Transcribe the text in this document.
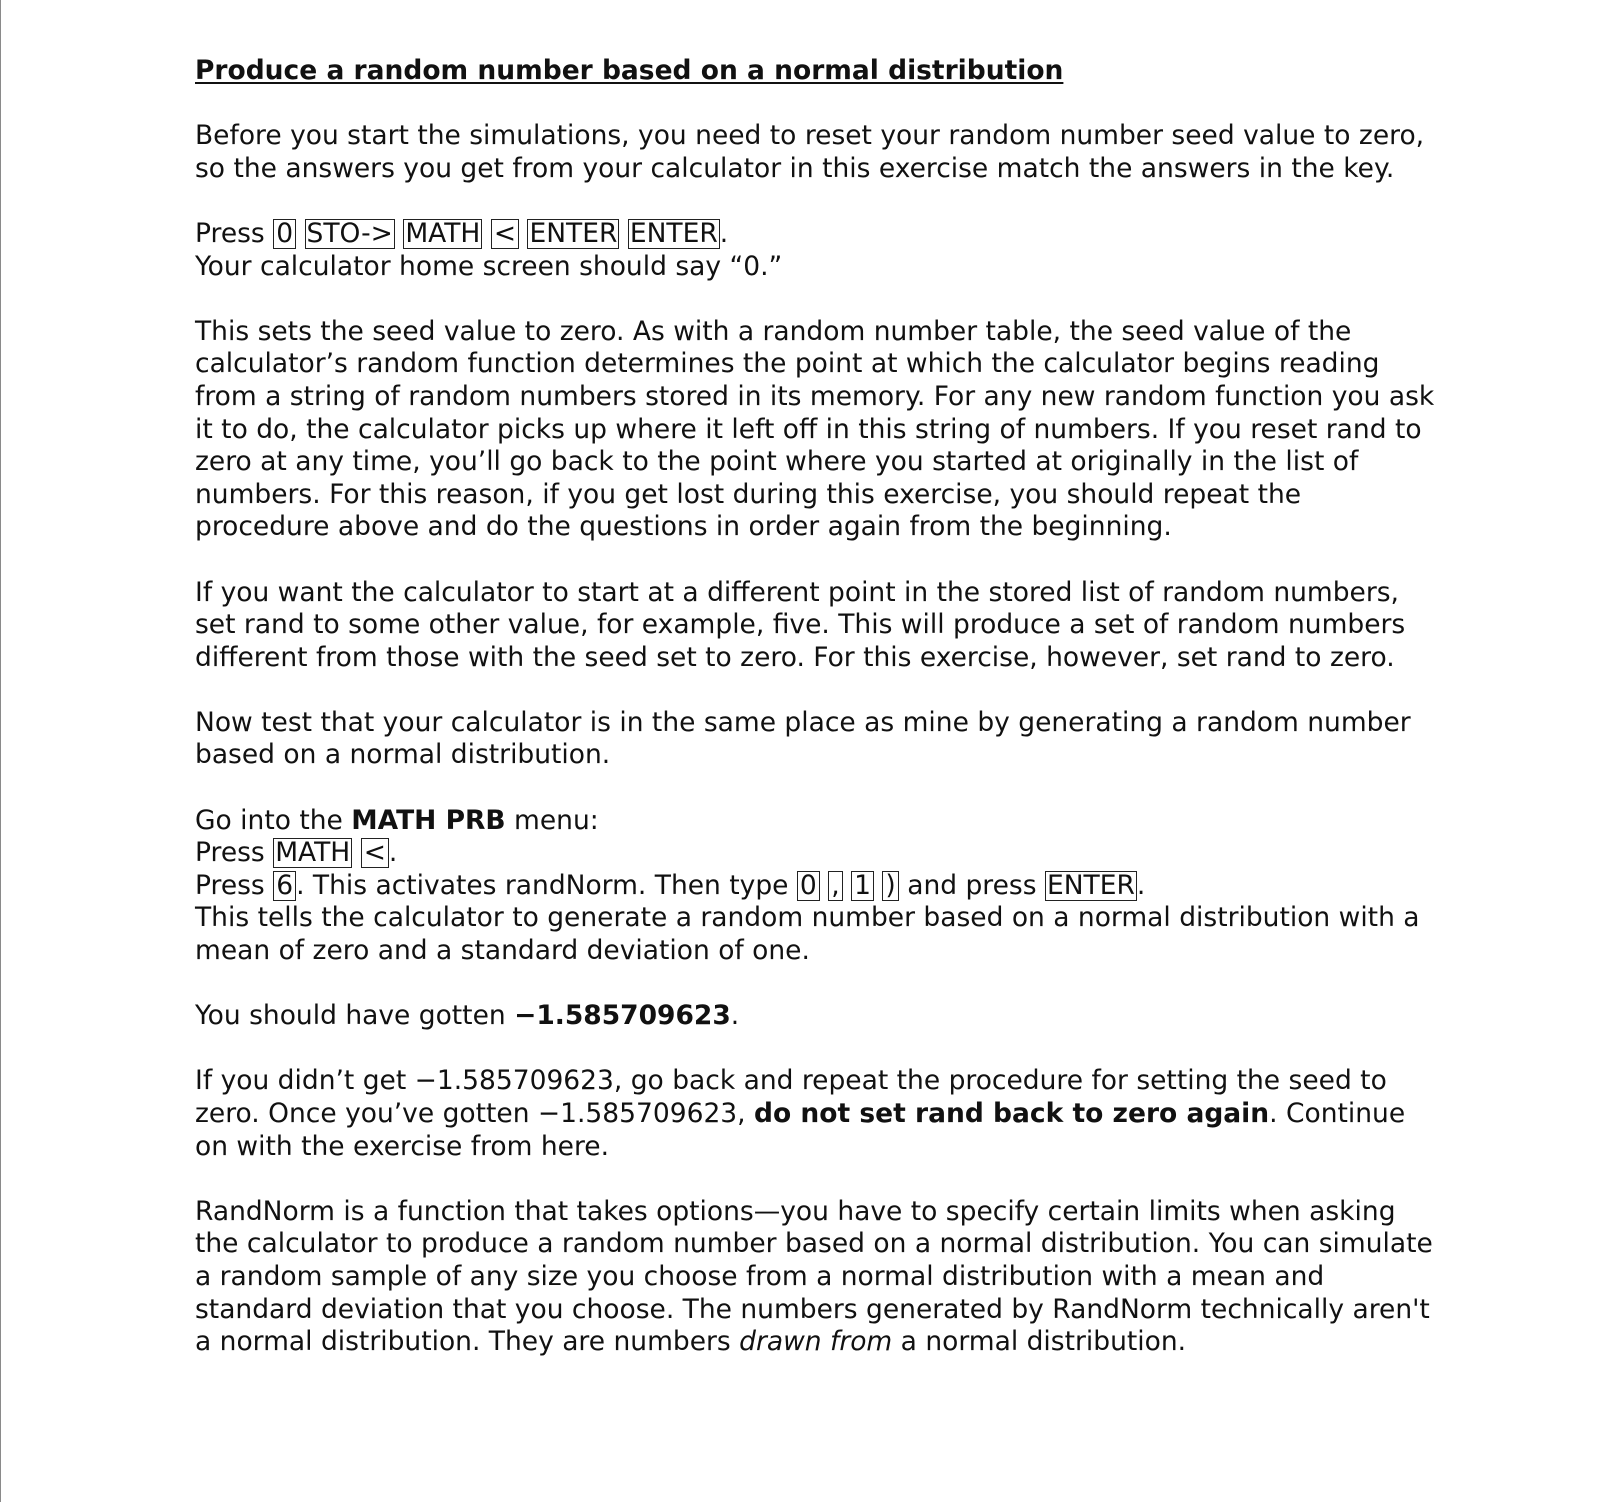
Produce a random number based on a normal distribution

Before you start the simulations, you need to reset your random number seed value to zero, so the answers you get from your calculator in this exercise match the answers in the key.

Press 0 STO-> MATH < ENTER ENTER.

Your calculator home screen should say “0.”

This sets the seed value to zero. As with a random number table, the seed value of the calculator’s random function determines the point at which the calculator begins reading from a string of random numbers stored in its memory. For any new random function you ask it to do, the calculator picks up where it left off in this string of numbers. If you reset rand to zero at any time, you’ll go back to the point where you started at originally in the list of numbers. For this reason, if you get lost during this exercise, you should repeat the procedure above and do the questions in order again from the beginning.

If you want the calculator to start at a different point in the stored list of random numbers, set rand to some other value, for example, five. This will produce a set of random numbers different from those with the seed set to zero. For this exercise, however, set rand to zero.

Now test that your calculator is in the same place as mine by generating a random number based on a normal distribution.

Go into the MATH PRB menu:

Press MATH < .

Press 6 . This activates randNorm. Then type 0 , 1 ) and press ENTER.

This tells the calculator to generate a random number based on a normal distribution with a mean of zero and a standard deviation of one.

You should have gotten −1.585709623.

If you didn’t get −1.585709623, go back and repeat the procedure for setting the seed to zero. Once you’ve gotten −1.585709623, do not set rand back to zero again. Continue on with the exercise from here.

RandNorm is a function that takes options—you have to specify certain limits when asking the calculator to produce a random number based on a normal distribution. You can simulate a random sample of any size you choose from a normal distribution with a mean and standard deviation that you choose. The numbers generated by RandNorm technically aren't a normal distribution. They are numbers drawn from a normal distribution.
